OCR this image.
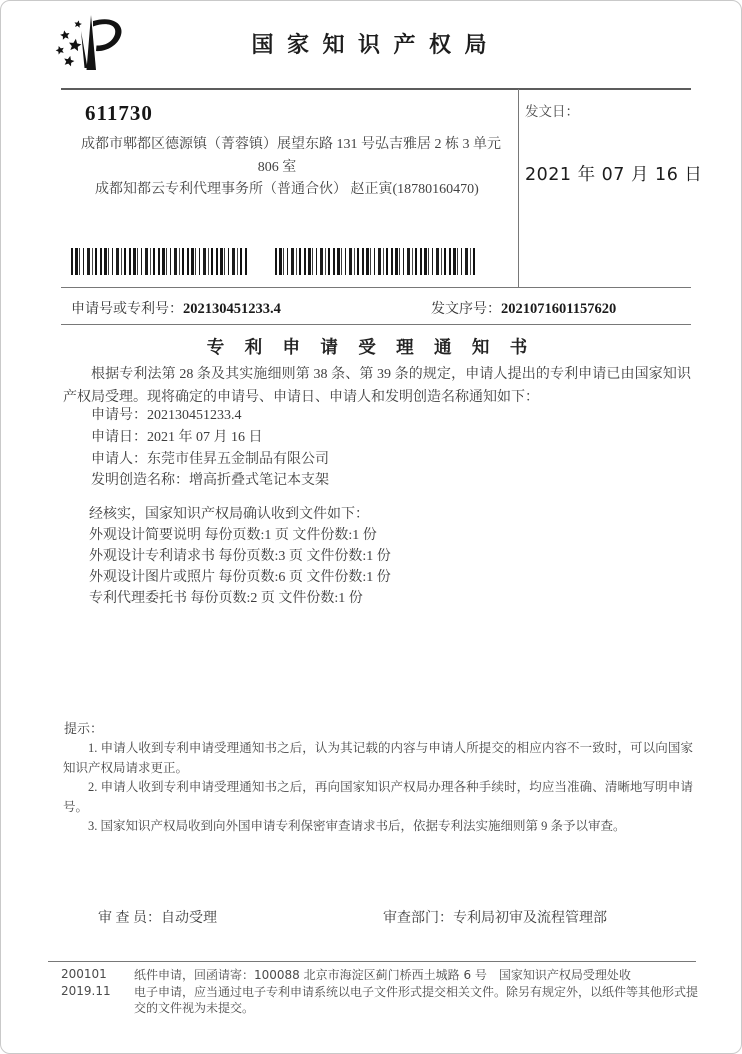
国 家 知 识 产 权 局
611730
成都市郫都区德源镇（菁蓉镇）展望东路 131 号弘吉雅居 2 栋 3 单元
806 室
成都知都云专利代理事务所（普通合伙） 赵正寅(18780160470)
发文日：
2021 年 07 月 16 日
申请号或专利号：202130451233.4	发文序号：2021071601157620
专 利 申 请 受 理 通 知 书

根据专利法第 28 条及其实施细则第 38 条、第 39 条的规定，申请人提出的专利申请已由国家知识产权局受理。现将确定的申请号、申请日、申请人和发明创造名称通知如下：

申请号：202130451233.4
申请日：2021 年 07 月 16 日
申请人：东莞市佳昇五金制品有限公司
发明创造名称：增高折叠式笔记本支架
经核实，国家知识产权局确认收到文件如下：
外观设计简要说明 每份页数:1 页 文件份数:1 份
外观设计专利请求书 每份页数:3 页 文件份数:1 份
外观设计图片或照片 每份页数:6 页 文件份数:1 份
专利代理委托书 每份页数:2 页 文件份数:1 份
提示：

1. 申请人收到专利申请受理通知书之后，认为其记载的内容与申请人所提交的相应内容不一致时，可以向国家知识产权局请求更正。

2. 申请人收到专利申请受理通知书之后，再向国家知识产权局办理各种手续时，均应当准确、清晰地写明申请号。

3. 国家知识产权局收到向外国申请专利保密审查请求书后，依据专利法实施细则第 9 条予以审查。

审 查 员：自动受理	审查部门：专利局初审及流程管理部
200101
2019.11

纸件申请，回函请寄：100088 北京市海淀区蓟门桥西土城路 6 号　国家知识产权局受理处收

电子申请，应当通过电子专利申请系统以电子文件形式提交相关文件。除另有规定外，以纸件等其他形式提交的文件视为未提交。
